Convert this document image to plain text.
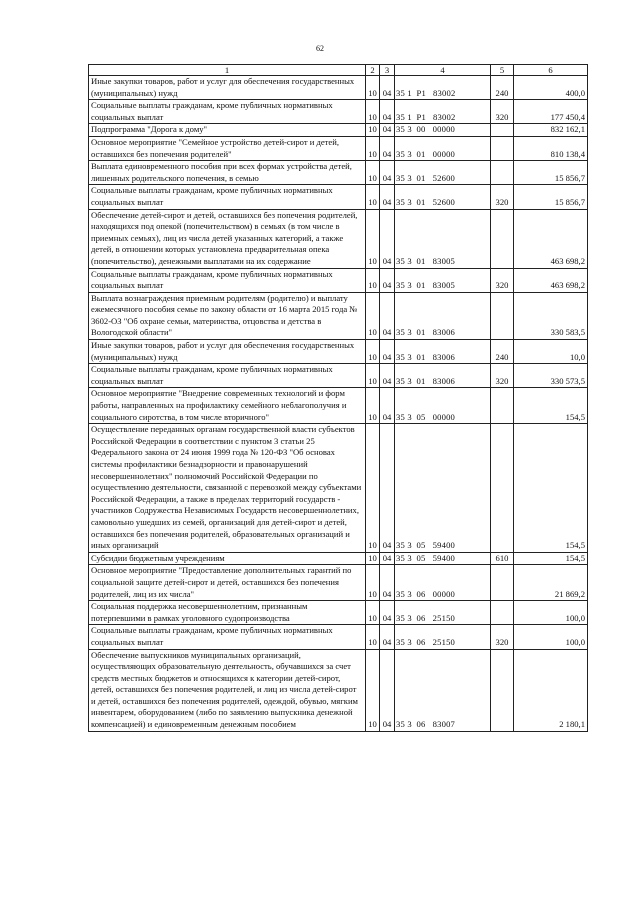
62
1	2	3	4	5	6
Иные закупки товаров, работ и услуг для обеспечения государственных (муниципальных) нужд	10	04	35 1  P1   83002	240	400,0
Социальные выплаты гражданам, кроме публичных нормативных социальных выплат	10	04	35 1  P1   83002	320	177 450,4
Подпрограмма "Дорога к дому"	10	04	35 3  00   00000		832 162,1
Основное мероприятие "Семейное устройство детей-сирот и детей, оставшихся без попечения родителей"	10	04	35 3  01   00000		810 138,4
Выплата единовременного пособия при всех формах устройства детей, лишенных родительского попечения, в семью	10	04	35 3  01   52600		15 856,7
Социальные выплаты гражданам, кроме публичных нормативных социальных выплат	10	04	35 3  01   52600	320	15 856,7
Обеспечение детей-сирот и детей, оставшихся без попечения родителей, находящихся под опекой (попечительством) в семьях (в том числе в приемных семьях), лиц из числа детей указанных категорий, а также детей, в отношении которых установлена предварительная опека (попечительство), денежными выплатами на их содержание	10	04	35 3  01   83005		463 698,2
Социальные выплаты гражданам, кроме публичных нормативных социальных выплат	10	04	35 3  01   83005	320	463 698,2
Выплата вознаграждения приемным родителям (родителю) и выплату ежемесячного пособия семье по закону области от 16 марта 2015 года № 3602-ОЗ "Об охране семьи, материнства, отцовства и детства в Вологодской области"	10	04	35 3  01   83006		330 583,5
Иные закупки товаров, работ и услуг для обеспечения государственных (муниципальных) нужд	10	04	35 3  01   83006	240	10,0
Социальные выплаты гражданам, кроме публичных нормативных социальных выплат	10	04	35 3  01   83006	320	330 573,5
Основное мероприятие "Внедрение современных технологий и форм работы, направленных на профилактику семейного неблагополучия и социального сиротства, в том числе вторичного"	10	04	35 3  05   00000		154,5
Осуществление переданных органам государственной власти субъектов Российской Федерации в соответствии с пунктом 3 статьи 25 Федерального закона от 24 июня 1999 года № 120-ФЗ "Об основах системы профилактики безнадзорности и правонарушений несовершеннолетних" полномочий Российской Федерации по осуществлению деятельности, связанной с перевозкой между субъектами Российской Федерации, а также в пределах территорий государств - участников Содружества Независимых Государств несовершеннолетних, самовольно ушедших из семей, организаций для детей-сирот и детей, оставшихся без попечения родителей, образовательных организаций и иных организаций	10	04	35 3  05   59400		154,5
Субсидии бюджетным учреждениям	10	04	35 3  05   59400	610	154,5
Основное мероприятие "Предоставление дополнительных гарантий по социальной защите детей-сирот и детей, оставшихся без попечения родителей, лиц из их числа"	10	04	35 3  06   00000		21 869,2
Социальная поддержка несовершеннолетним, признанным потерпевшими в рамках уголовного судопроизводства	10	04	35 3  06   25150		100,0
Социальные выплаты гражданам, кроме публичных нормативных социальных выплат	10	04	35 3  06   25150	320	100,0
Обеспечение выпускников муниципальных организаций, осуществляющих образовательную деятельность, обучавшихся за счет средств местных бюджетов и относящихся к категории детей-сирот, детей, оставшихся без попечения родителей, и лиц из числа детей-сирот и детей, оставшихся без попечения родителей, одеждой, обувью, мягким инвентарем, оборудованием (либо по заявлению выпускника денежной компенсацией) и единовременным денежным пособием	10	04	35 3  06   83007		2 180,1
